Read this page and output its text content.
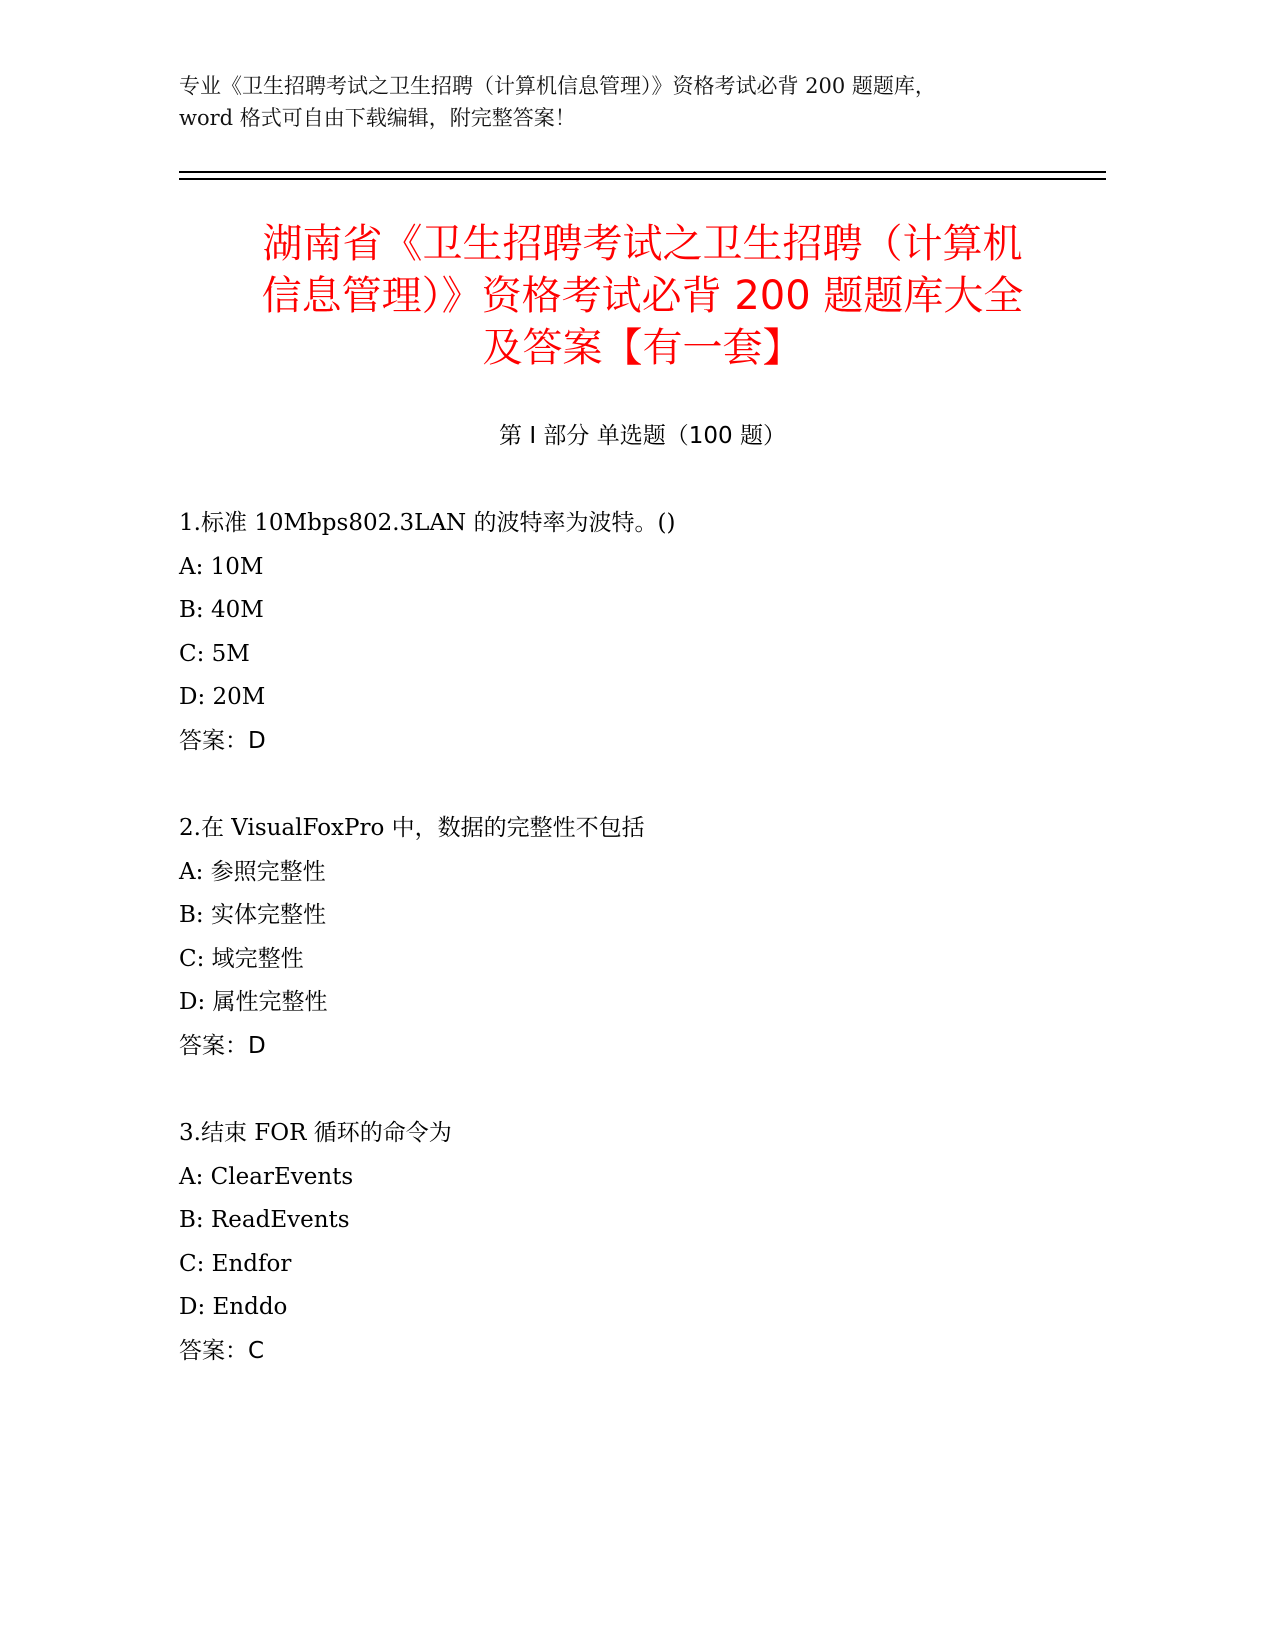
专业《卫生招聘考试之卫生招聘（计算机信息管理）》资格考试必背 200 题题库，
word 格式可自由下载编辑，附完整答案！
湖南省《卫生招聘考试之卫生招聘（计算机
信息管理）》资格考试必背 200 题题库大全
及答案【有一套】
第 I 部分 单选题（100 题）
1.标准 10Mbps802.3LAN 的波特率为波特。()
A: 10M
B: 40M
C: 5M
D: 20M
答案：D
2.在 VisualFoxPro 中，数据的完整性不包括
A: 参照完整性
B: 实体完整性
C: 域完整性
D: 属性完整性
答案：D
3.结束 FOR 循环的命令为
A: ClearEvents
B: ReadEvents
C: Endfor
D: Enddo
答案：C
